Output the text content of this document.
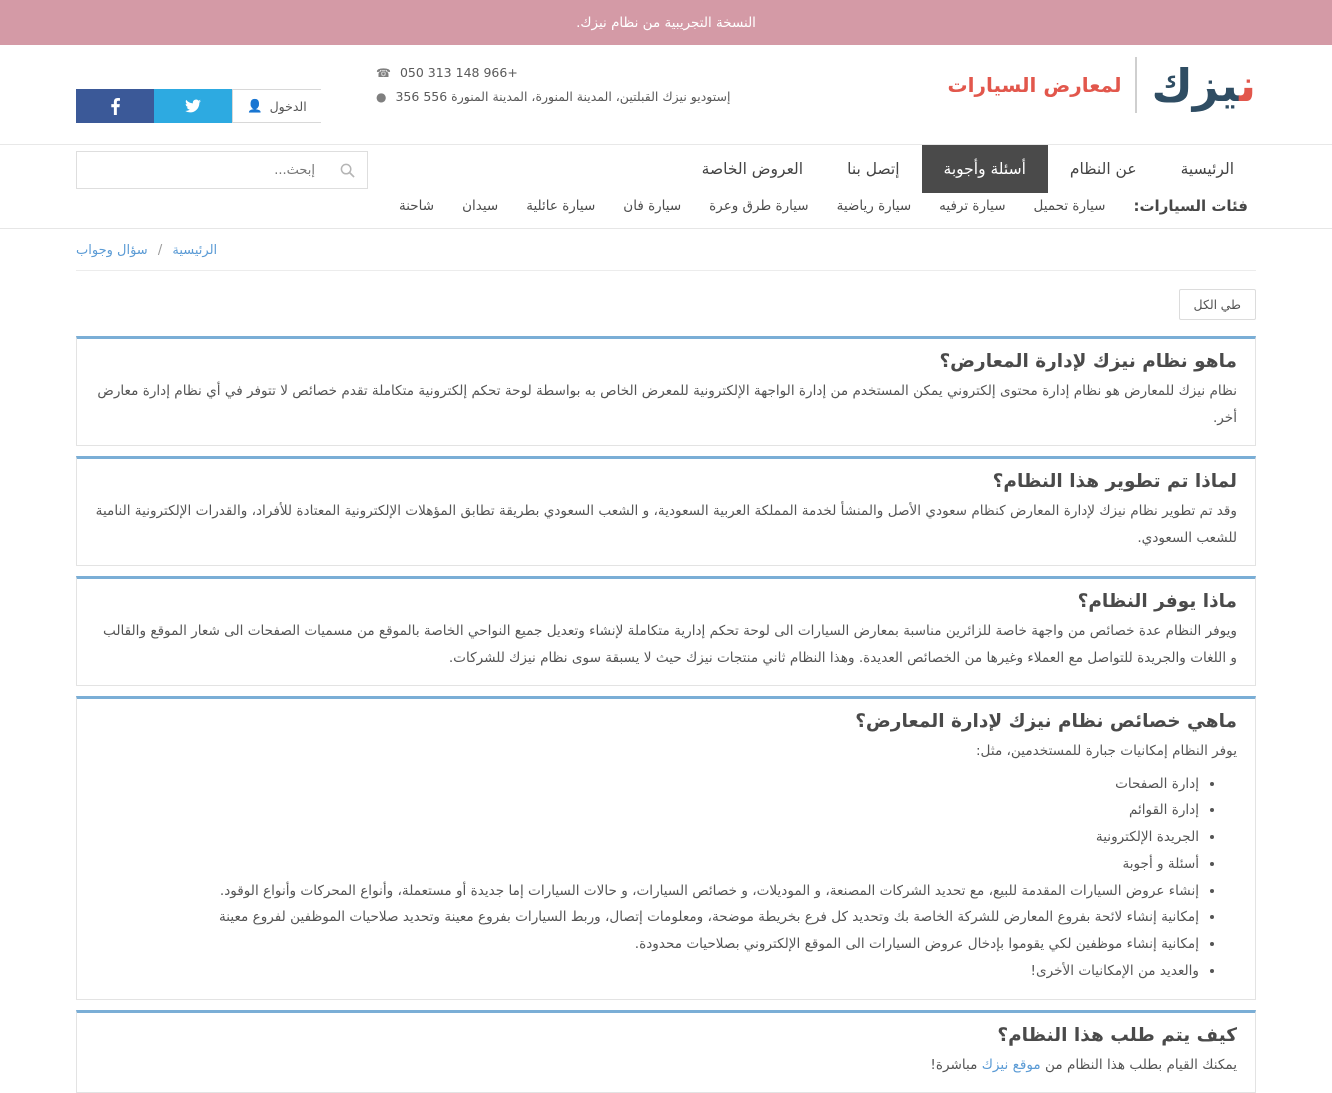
النسخة التجريبية من نظام نيزك.
نيزك
لمعارض السيارات
+966 148 313 050 ☎
إستوديو نيزك القبلتين، المدينة المنورة، المدينة المنورة 556 356 ●
الدخول
👤
الرئيسية
عن النظام
أسئلة وأجوبة
إتصل بنا
العروض الخاصة
إبحث...
فئات السيارات:
سيارة تحميل
سيارة ترفيه
سيارة رياضية
سيارة طرق وعرة
سيارة فان
سيارة عائلية
سيدان
شاحنة
الرئيسية / سؤال وجواب
طي الكل
ماهو نظام نيزك لإدارة المعارض؟

نظام نيزك للمعارض هو نظام إدارة محتوى إلكتروني يمكن المستخدم من إدارة الواجهة الإلكترونية للمعرض الخاص به بواسطة لوحة تحكم إلكترونية متكاملة تقدم خصائص لا تتوفر في أي نظام إدارة معارض أخر.

لماذا تم تطوير هذا النظام؟

وقد تم تطوير نظام نيزك لإدارة المعارض كنظام سعودي الأصل والمنشأ لخدمة المملكة العربية السعودية، و الشعب السعودي بطريقة تطابق المؤهلات الإلكترونية المعتادة للأفراد، والقدرات الإلكترونية النامية للشعب السعودي.

ماذا يوفر النظام؟

ويوفر النظام عدة خصائص من واجهة خاصة للزائرين مناسبة بمعارض السيارات الى لوحة تحكم إدارية متكاملة لإنشاء وتعديل جميع النواحي الخاصة بالموقع من مسميات الصفحات الى شعار الموقع والقالب و اللغات والجريدة للتواصل مع العملاء وغيرها من الخصائص العديدة. وهذا النظام ثاني منتجات نيزك حيث لا يسبقة سوى نظام نيزك للشركات.

ماهي خصائص نظام نيزك لإدارة المعارض؟

يوفر النظام إمكانيات جبارة للمستخدمين، مثل:

• إدارة الصفحات
• إدارة القوائم
• الجريدة الإلكترونية
• أسئلة و أجوبة
• إنشاء عروض السيارات المقدمة للبيع، مع تحديد الشركات المصنعة، و الموديلات، و خصائص السيارات، و حالات السيارات إما جديدة أو مستعملة، وأنواع المحركات وأنواع الوقود.
• إمكانية إنشاء لائحة بفروع المعارض للشركة الخاصة بك وتحديد كل فرع بخريطة موضحة، ومعلومات إتصال، وربط السيارات بفروع معينة وتحديد صلاحيات الموظفين لفروع معينة
• إمكانية إنشاء موظفين لكي يقوموا بإدخال عروض السيارات الى الموقع الإلكتروني بصلاحيات محدودة.
• والعديد من الإمكانيات الأخرى!
كيف يتم طلب هذا النظام؟

يمكنك القيام بطلب هذا النظام من موقع نيزك مباشرة!
